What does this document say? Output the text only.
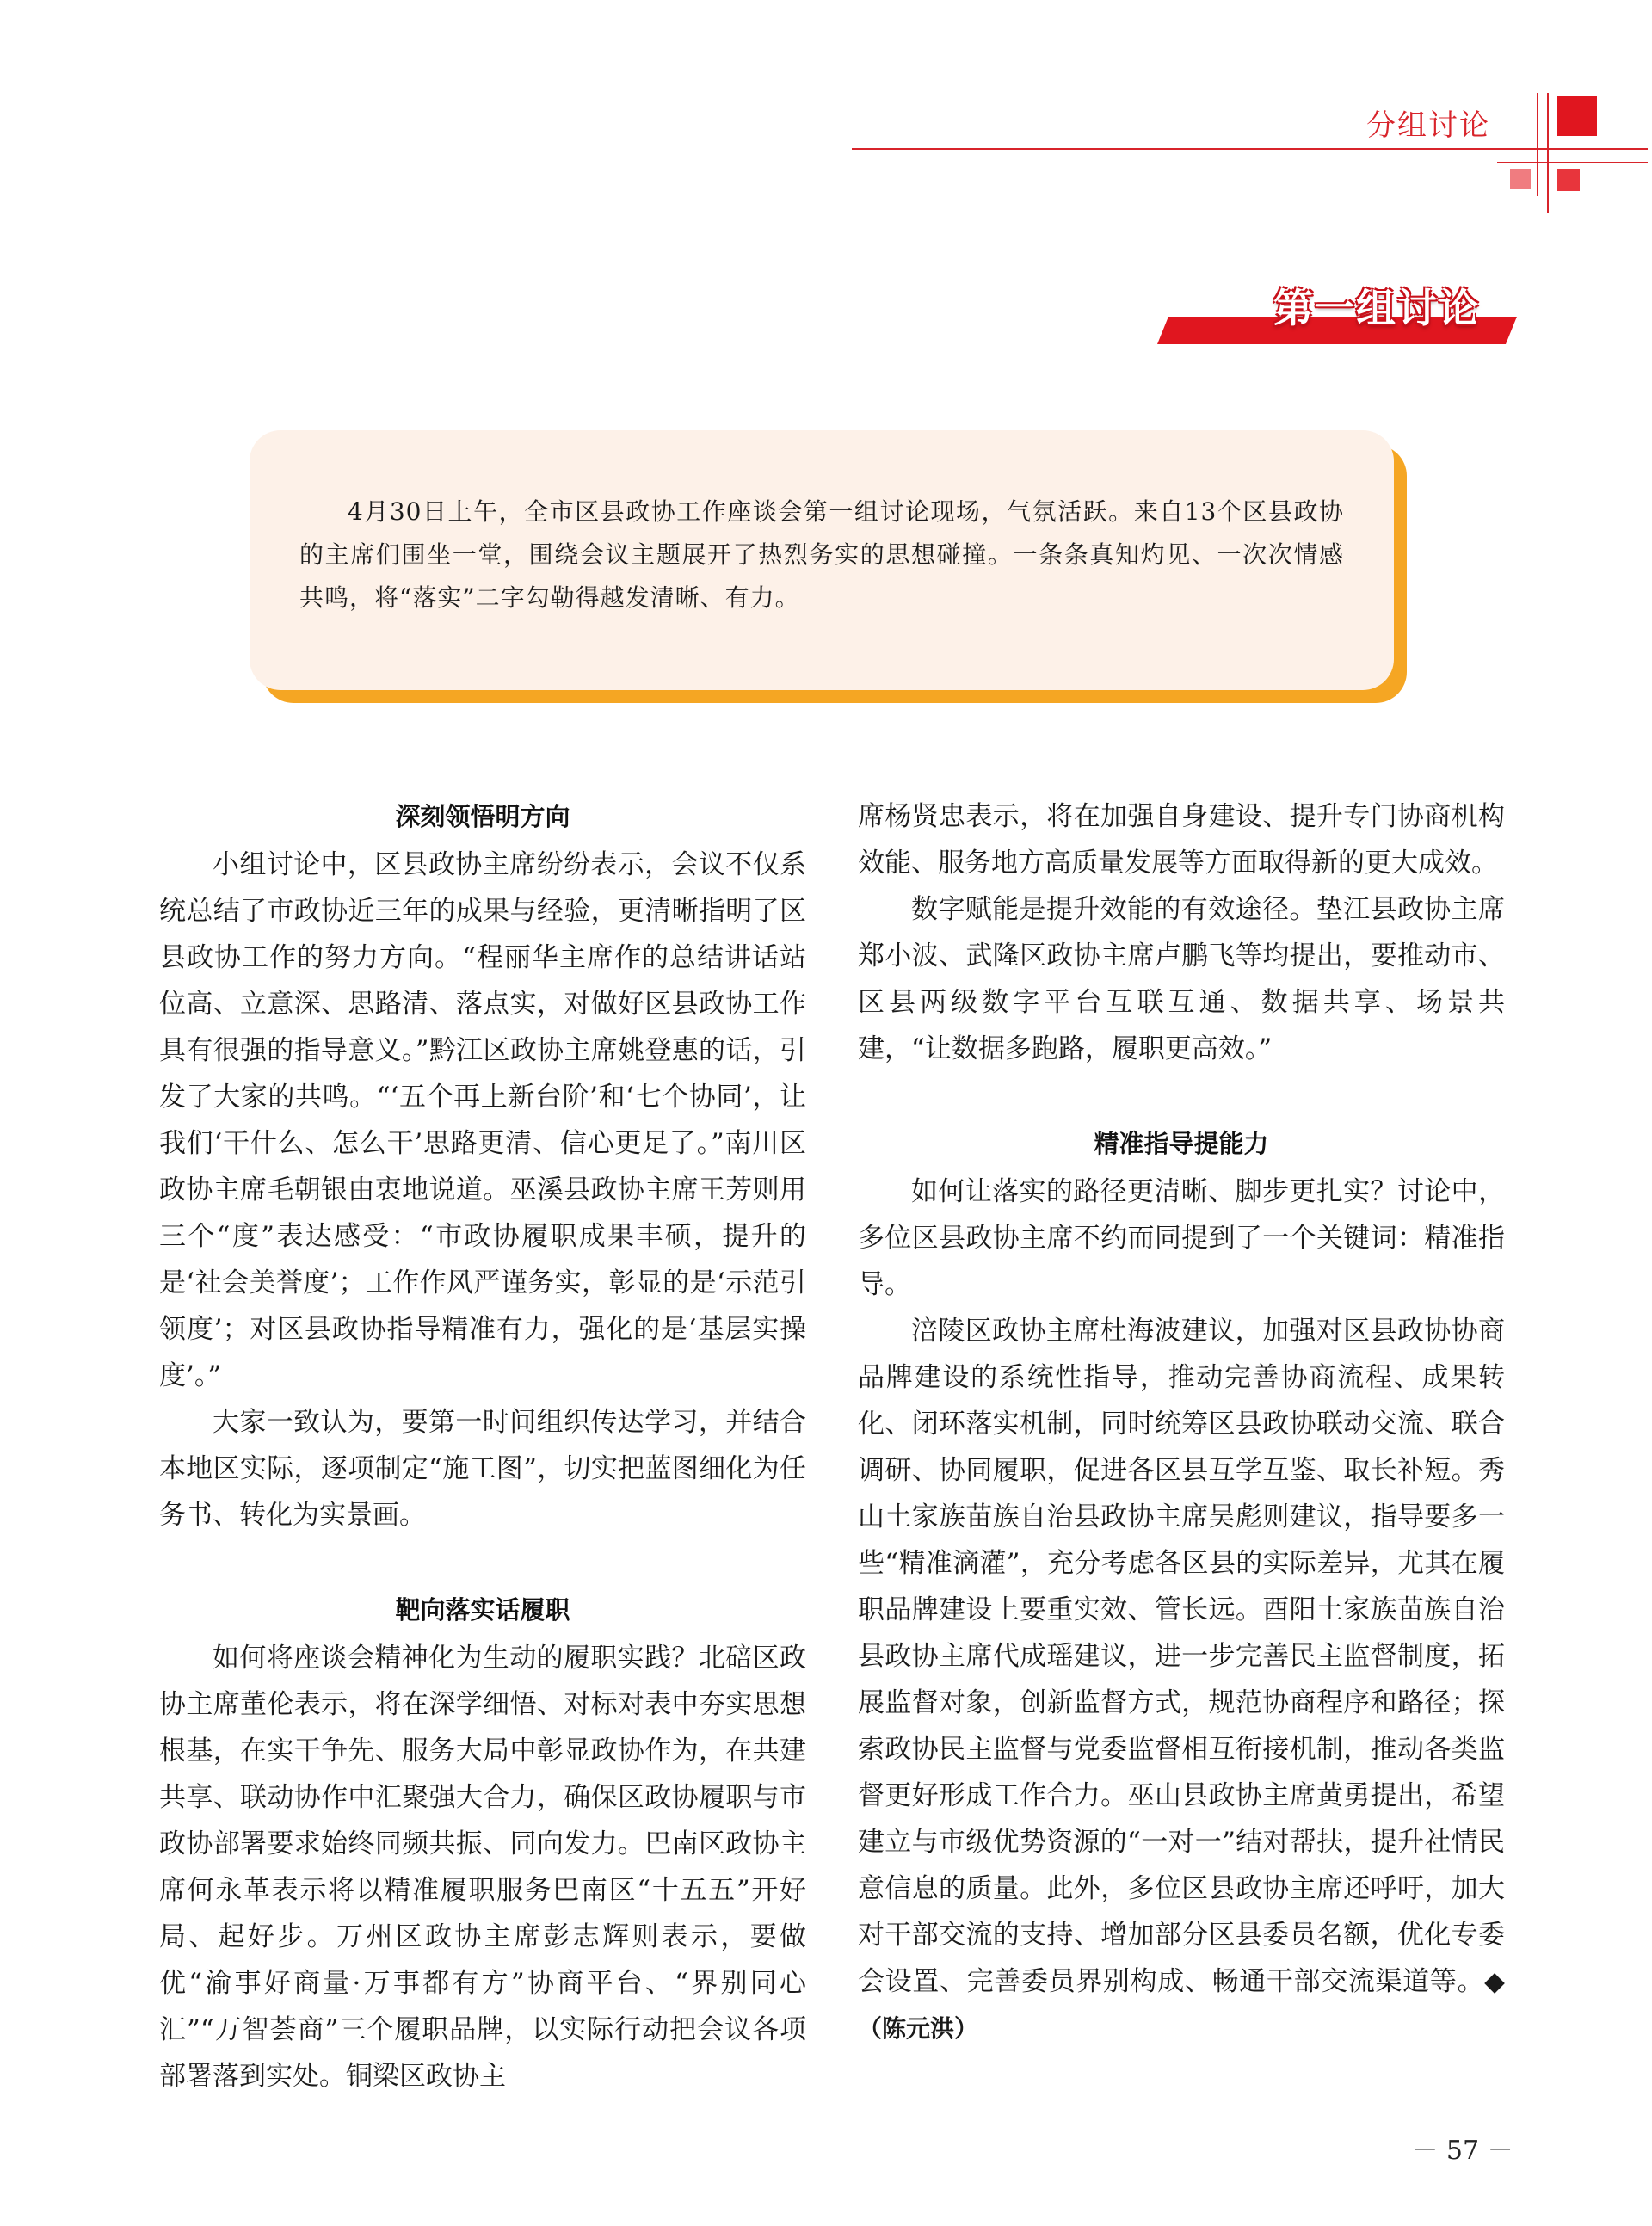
分组讨论
第一组讨论
4月30日上午，全市区县政协工作座谈会第一组讨论现场，气氛活跃。来自13个区县政协的主席们围坐一堂，围绕会议主题展开了热烈务实的思想碰撞。一条条真知灼见、一次次情感共鸣，将“落实”二字勾勒得越发清晰、有力。
深刻领悟明方向

小组讨论中，区县政协主席纷纷表示，会议不仅系统总结了市政协近三年的成果与经验，更清晰指明了区县政协工作的努力方向。“程丽华主席作的总结讲话站位高、立意深、思路清、落点实，对做好区县政协工作具有很强的指导意义。”黔江区政协主席姚登惠的话，引发了大家的共鸣。“‘五个再上新台阶’和‘七个协同’，让我们‘干什么、怎么干’思路更清、信心更足了。”南川区政协主席毛朝银由衷地说道。巫溪县政协主席王芳则用三个“度”表达感受：“市政协履职成果丰硕，提升的是‘社会美誉度’；工作作风严谨务实，彰显的是‘示范引领度’；对区县政协指导精准有力，强化的是‘基层实操度’。”

大家一致认为，要第一时间组织传达学习，并结合本地区实际，逐项制定“施工图”，切实把蓝图细化为任务书、转化为实景画。

靶向落实话履职

如何将座谈会精神化为生动的履职实践？北碚区政协主席董伦表示，将在深学细悟、对标对表中夯实思想根基，在实干争先、服务大局中彰显政协作为，在共建共享、联动协作中汇聚强大合力，确保区政协履职与市政协部署要求始终同频共振、同向发力。巴南区政协主席何永革表示将以精准履职服务巴南区“十五五”开好局、起好步。万州区政协主席彭志辉则表示，要做优“渝事好商量·万事都有方”协商平台、“界别同心汇”“万智荟商”三个履职品牌，以实际行动把会议各项部署落到实处。铜梁区政协主

席杨贤忠表示，将在加强自身建设、提升专门协商机构效能、服务地方高质量发展等方面取得新的更大成效。

数字赋能是提升效能的有效途径。垫江县政协主席郑小波、武隆区政协主席卢鹏飞等均提出，要推动市、区县两级数字平台互联互通、数据共享、场景共建，“让数据多跑路，履职更高效。”

精准指导提能力

如何让落实的路径更清晰、脚步更扎实？讨论中，多位区县政协主席不约而同提到了一个关键词：精准指导。

涪陵区政协主席杜海波建议，加强对区县政协协商品牌建设的系统性指导，推动完善协商流程、成果转化、闭环落实机制，同时统筹区县政协联动交流、联合调研、协同履职，促进各区县互学互鉴、取长补短。秀山土家族苗族自治县政协主席吴彪则建议，指导要多一些“精准滴灌”，充分考虑各区县的实际差异，尤其在履职品牌建设上要重实效、管长远。酉阳土家族苗族自治县政协主席代成瑶建议，进一步完善民主监督制度，拓展监督对象，创新监督方式，规范协商程序和路径；探索政协民主监督与党委监督相互衔接机制，推动各类监督更好形成工作合力。巫山县政协主席黄勇提出，希望建立与市级优势资源的“一对一”结对帮扶，提升社情民意信息的质量。此外，多位区县政协主席还呼吁，加大对干部交流的支持、增加部分区县委员名额，优化专委会设置、完善委员界别构成、畅通干部交流渠道等。◆（陈元洪）

－ 57 －
